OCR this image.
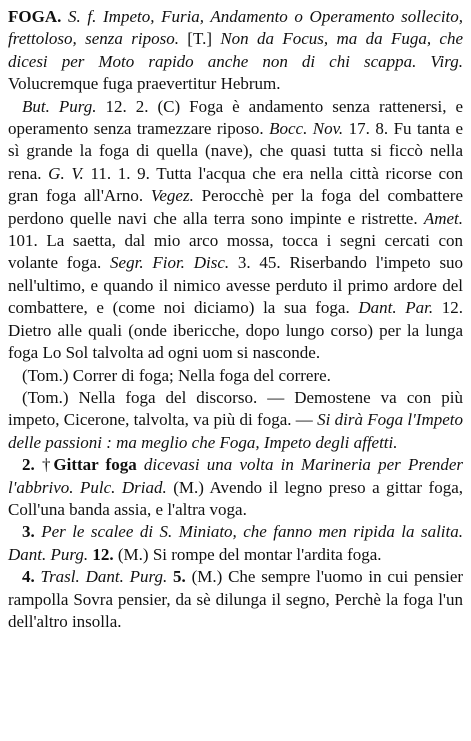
FOGA. S. f. Impeto, Furia, Andamento o Operamento sollecito, frettoloso, senza riposo. [T.] Non da Focus, ma da Fuga, che dicesi per Moto rapido anche non di chi scappa. Virg. Volucremque fuga praevertitur Hebrum.

But. Purg. 12. 2. (C) Foga è andamento senza rattenersi, e operamento senza tramezzare riposo. Bocc. Nov. 17. 8. Fu tanta e sì grande la foga di quella (nave), che quasi tutta si ficcò nella rena. G. V. 11. 1. 9. Tutta l'acqua che era nella città ricorse con gran foga all'Arno. Vegez. Perocchè per la foga del combattere perdono quelle navi che alla terra sono impinte e ristrette. Amet. 101. La saetta, dal mio arco mossa, tocca i segni cercati con volante foga. Segr. Fior. Disc. 3. 45. Riserbando l'impeto suo nell'ultimo, e quando il nimico avesse perduto il primo ardore del combattere, e (come noi diciamo) la sua foga. Dant. Par. 12. Dietro alle quali (onde ibericche, dopo lungo corso) per la lunga foga Lo Sol talvolta ad ogni uom si nasconde.

(Tom.) Correr di foga; Nella foga del correre.

(Tom.) Nella foga del discorso. — Demostene va con più impeto, Cicerone, talvolta, va più di foga. — Si dirà Foga l'Impeto delle passioni : ma meglio che Foga, Impeto degli affetti.

2. †Gittar foga dicevasi una volta in Marineria per Prender l'abbrivo. Pulc. Driad. (M.) Avendo il legno preso a gittar foga, Coll'una banda assia, e l'altra voga.

3. Per le scalee di S. Miniato, che fanno men ripida la salita. Dant. Purg. 12. (M.) Si rompe del montar l'ardita foga.

4. Trasl. Dant. Purg. 5. (M.) Che sempre l'uomo in cui pensier rampolla Sovra pensier, da sè dilunga il segno, Perchè la foga l'un dell'altro insolla.
